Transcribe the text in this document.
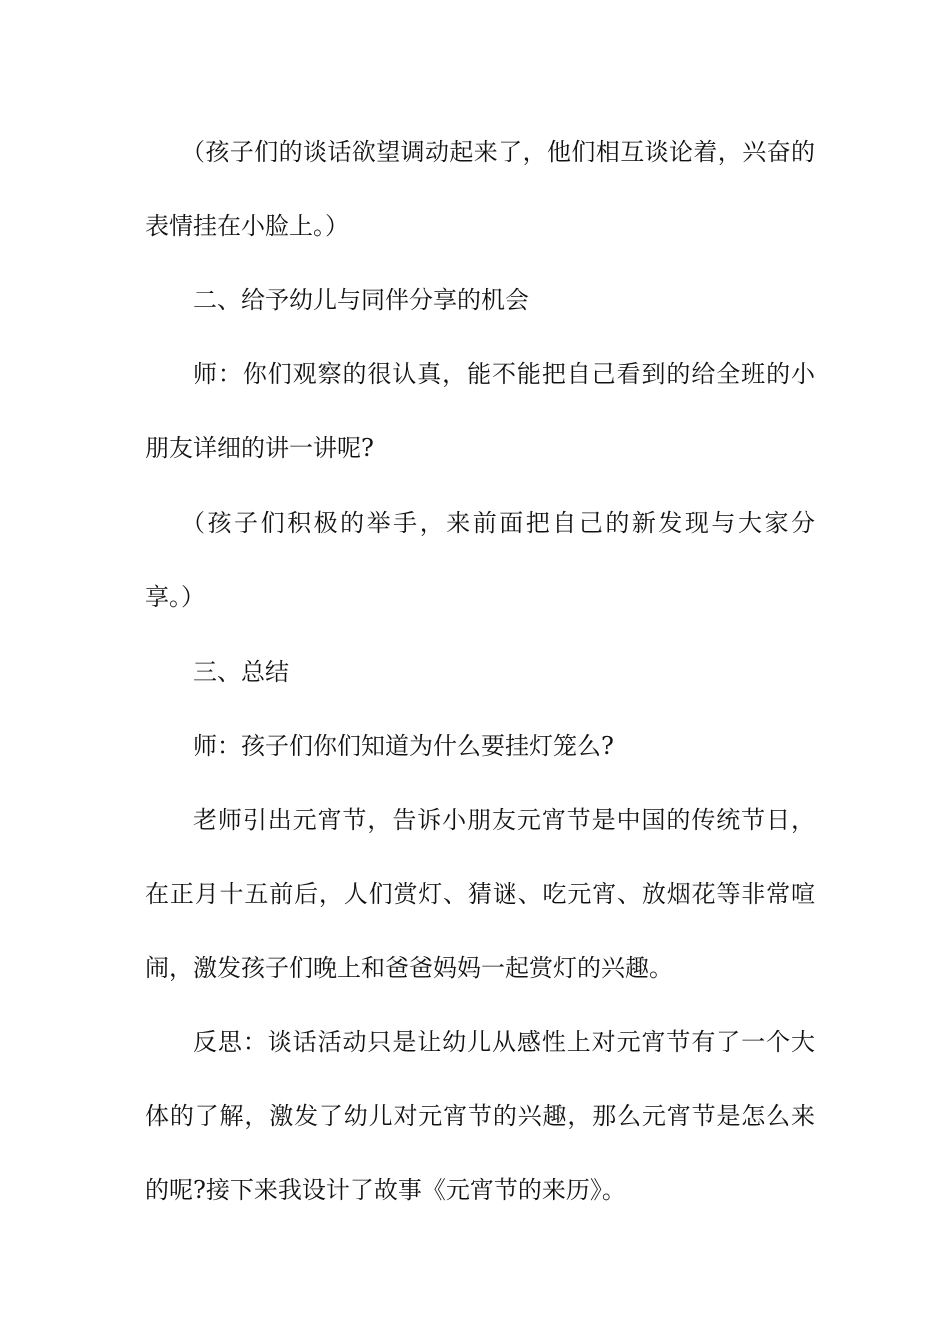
（孩子们的谈话欲望调动起来了，他们相互谈论着，兴奋的
表情挂在小脸上。）
二、给予幼儿与同伴分享的机会
师：你们观察的很认真，能不能把自己看到的给全班的小
朋友详细的讲一讲呢?
（孩子们积极的举手，来前面把自己的新发现与大家分
享。）
三、总结
师：孩子们你们知道为什么要挂灯笼么?
老师引出元宵节，告诉小朋友元宵节是中国的传统节日，
在正月十五前后，人们赏灯、猜谜、吃元宵、放烟花等非常喧
闹，激发孩子们晚上和爸爸妈妈一起赏灯的兴趣。
反思：谈话活动只是让幼儿从感性上对元宵节有了一个大
体的了解，激发了幼儿对元宵节的兴趣，那么元宵节是怎么来
的呢?接下来我设计了故事《元宵节的来历》。
